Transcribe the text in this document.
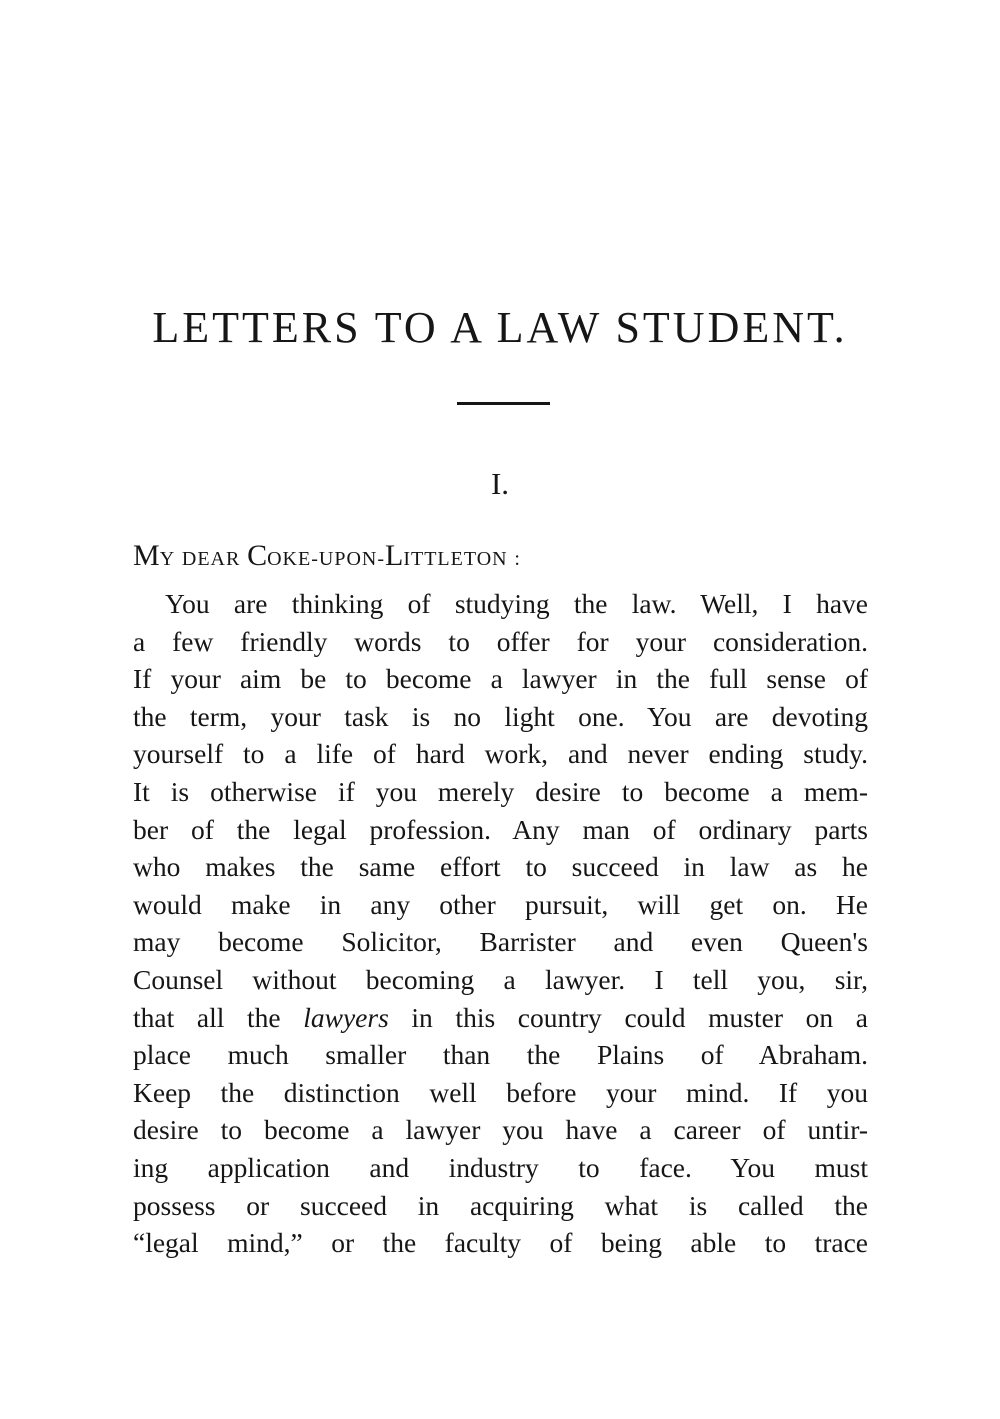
LETTERS TO A LAW STUDENT.
I.
MY DEAR COKE-UPON-LITTLETON :
You are thinking of studying the law. Well, I have
a few friendly words to offer for your consideration.
If your aim be to become a lawyer in the full sense of
the term, your task is no light one. You are devoting
yourself to a life of hard work, and never ending study.
It is otherwise if you merely desire to become a mem-
ber of the legal profession. Any man of ordinary parts
who makes the same effort to succeed in law as he
would make in any other pursuit, will get on. He
may become Solicitor, Barrister and even Queen's
Counsel without becoming a lawyer. I tell you, sir,
that all the lawyers in this country could muster on a
place much smaller than the Plains of Abraham.
Keep the distinction well before your mind. If you
desire to become a lawyer you have a career of untir-
ing application and industry to face. You must
possess or succeed in acquiring what is called the
“legal mind,” or the faculty of being able to trace
